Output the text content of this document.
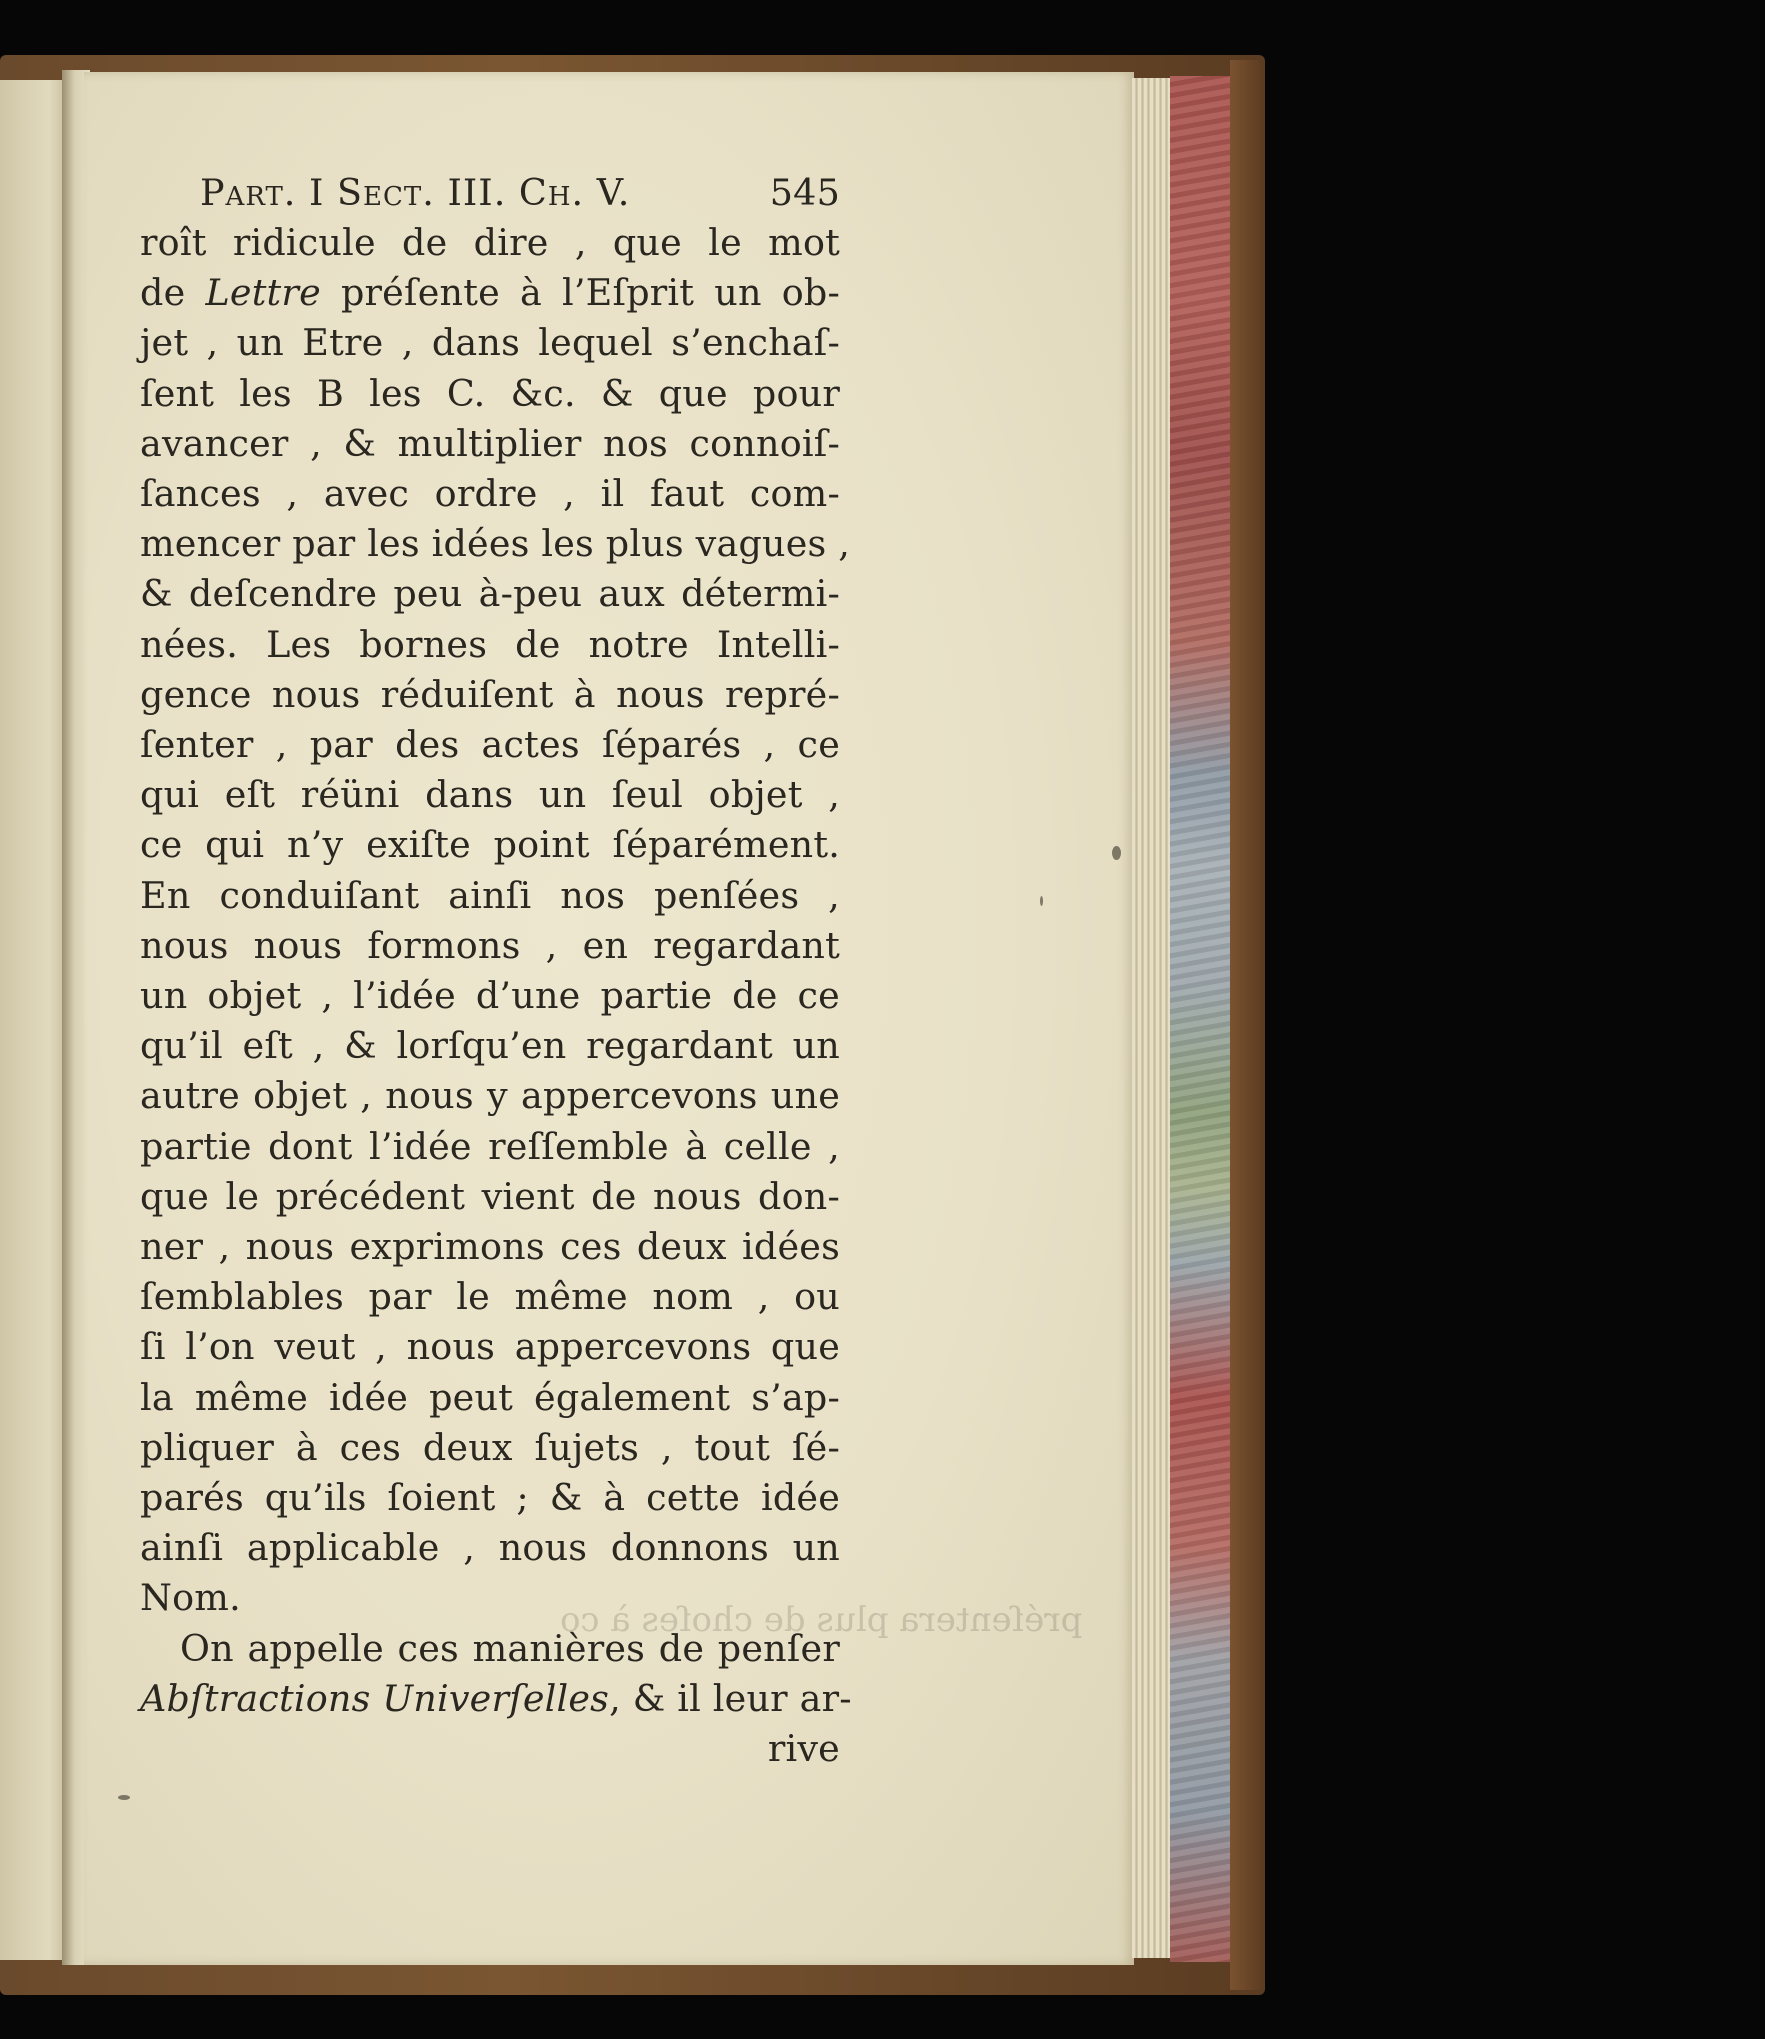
préſentera plus de choſes à co
Part. I Sect. III. Ch. V.	545
roît ridicule de dire , que le mot
de Lettre préſente à l’Eſprit un ob-
jet , un Etre , dans lequel s’enchaſ-
ſent les B les C. &c. & que pour
avancer , & multiplier nos connoiſ-
ſances , avec ordre , il faut com-
mencer par les idées les plus vagues ,
& deſcendre peu à-peu aux détermi-
nées. Les bornes de notre Intelli-
gence nous réduiſent à nous repré-
ſenter , par des actes ſéparés , ce
qui eſt réüni dans un ſeul objet ,
ce qui n’y exiſte point ſéparément.
En conduiſant ainſi nos penſées ,
nous nous formons , en regardant
un objet , l’idée d’une partie de ce
qu’il eſt , & lorſqu’en regardant un
autre objet , nous y appercevons une
partie dont l’idée reſſemble à celle ,
que le précédent vient de nous don-
ner , nous exprimons ces deux idées
ſemblables par le même nom , ou
ſi l’on veut , nous appercevons que
la même idée peut également s’ap-
pliquer à ces deux ſujets , tout ſé-
parés qu’ils ſoient ; & à cette idée
ainſi applicable , nous donnons un
Nom.
On appelle ces manières de penſer
Abſtractions Univerſelles, & il leur ar-
rive
